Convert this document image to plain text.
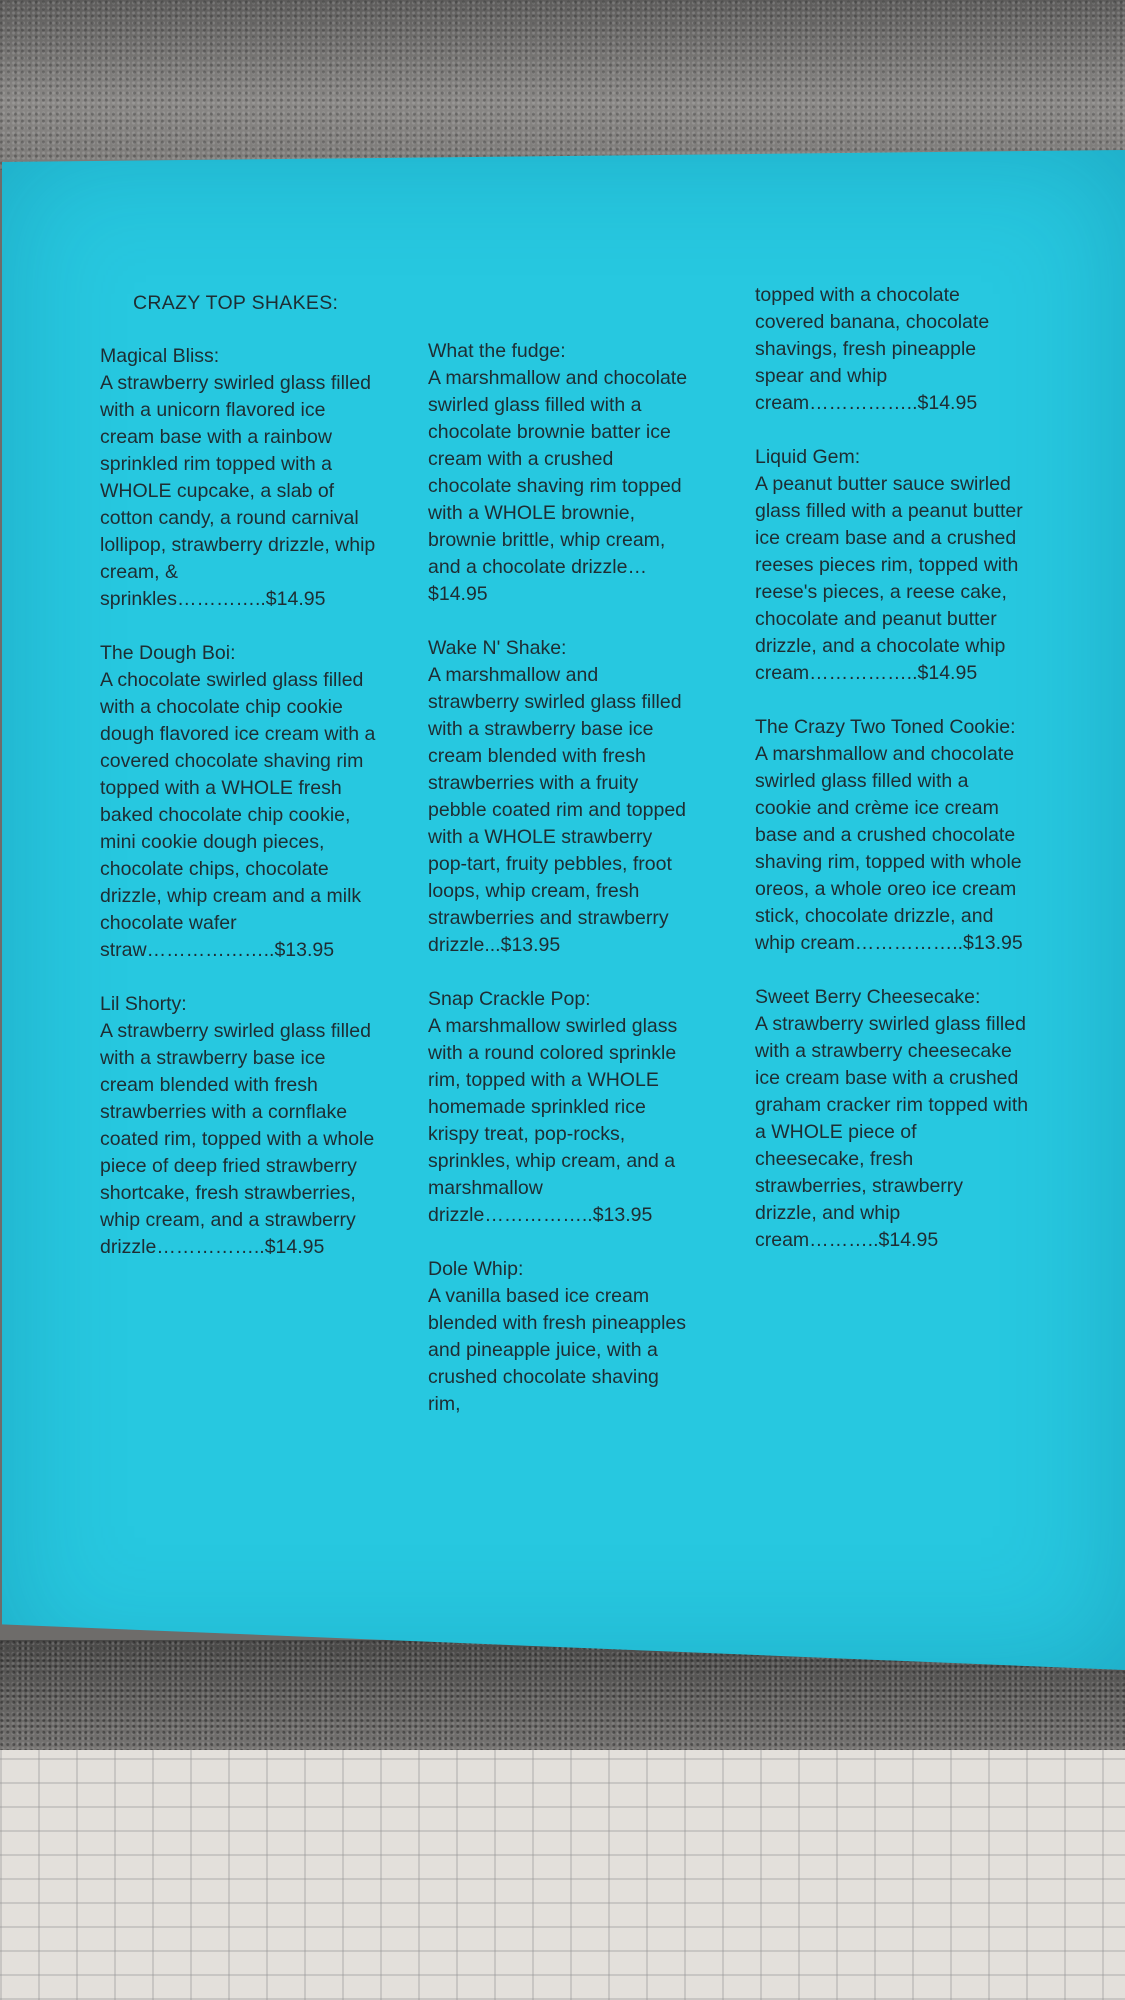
CRAZY TOP SHAKES:
Magical Bliss:
A strawberry swirled glass filled with a unicorn flavored ice cream base with a rainbow sprinkled rim topped with a WHOLE cupcake, a slab of cotton candy, a round carnival lollipop, strawberry drizzle, whip cream, & sprinkles…………..$14.95
The Dough Boi:
A chocolate swirled glass filled with a chocolate chip cookie dough flavored ice cream with a covered chocolate shaving rim topped with a WHOLE fresh baked chocolate chip cookie, mini cookie dough pieces, chocolate chips, chocolate drizzle, whip cream and a milk chocolate wafer straw………………..$13.95
Lil Shorty:
A strawberry swirled glass filled with a strawberry base ice cream blended with fresh strawberries with a cornflake coated rim, topped with a whole piece of deep fried strawberry shortcake, fresh strawberries, whip cream, and a strawberry drizzle……………..$14.95
What the fudge:
A marshmallow and chocolate swirled glass filled with a chocolate brownie batter ice cream with a crushed chocolate shaving rim topped with a WHOLE brownie, brownie brittle, whip cream, and a chocolate drizzle…$14.95
Wake N' Shake:
A marshmallow and strawberry swirled glass filled with a strawberry base ice cream blended with fresh strawberries with a fruity pebble coated rim and topped with a WHOLE strawberry pop-tart, fruity pebbles, froot loops, whip cream, fresh strawberries and strawberry drizzle...$13.95
Snap Crackle Pop:
A marshmallow swirled glass with a round colored sprinkle rim, topped with a WHOLE homemade sprinkled rice krispy treat, pop-rocks, sprinkles, whip cream, and a marshmallow drizzle……………..$13.95
Dole Whip:
A vanilla based ice cream blended with fresh pineapples and pineapple juice, with a crushed chocolate shaving rim,
topped with a chocolate covered banana, chocolate shavings, fresh pineapple spear and whip cream……………..$14.95
Liquid Gem:
A peanut butter sauce swirled glass filled with a peanut butter ice cream base and a crushed reeses pieces rim, topped with reese's pieces, a reese cake, chocolate and peanut butter drizzle, and a chocolate whip cream……………..$14.95
The Crazy Two Toned Cookie:
A marshmallow and chocolate swirled glass filled with a cookie and crème ice cream base and a crushed chocolate shaving rim, topped with whole oreos, a whole oreo ice cream stick, chocolate drizzle, and whip cream……………..$13.95
Sweet Berry Cheesecake:
A strawberry swirled glass filled with a strawberry cheesecake ice cream base with a crushed graham cracker rim topped with a WHOLE piece of cheesecake, fresh strawberries, strawberry drizzle, and whip cream………..$14.95
